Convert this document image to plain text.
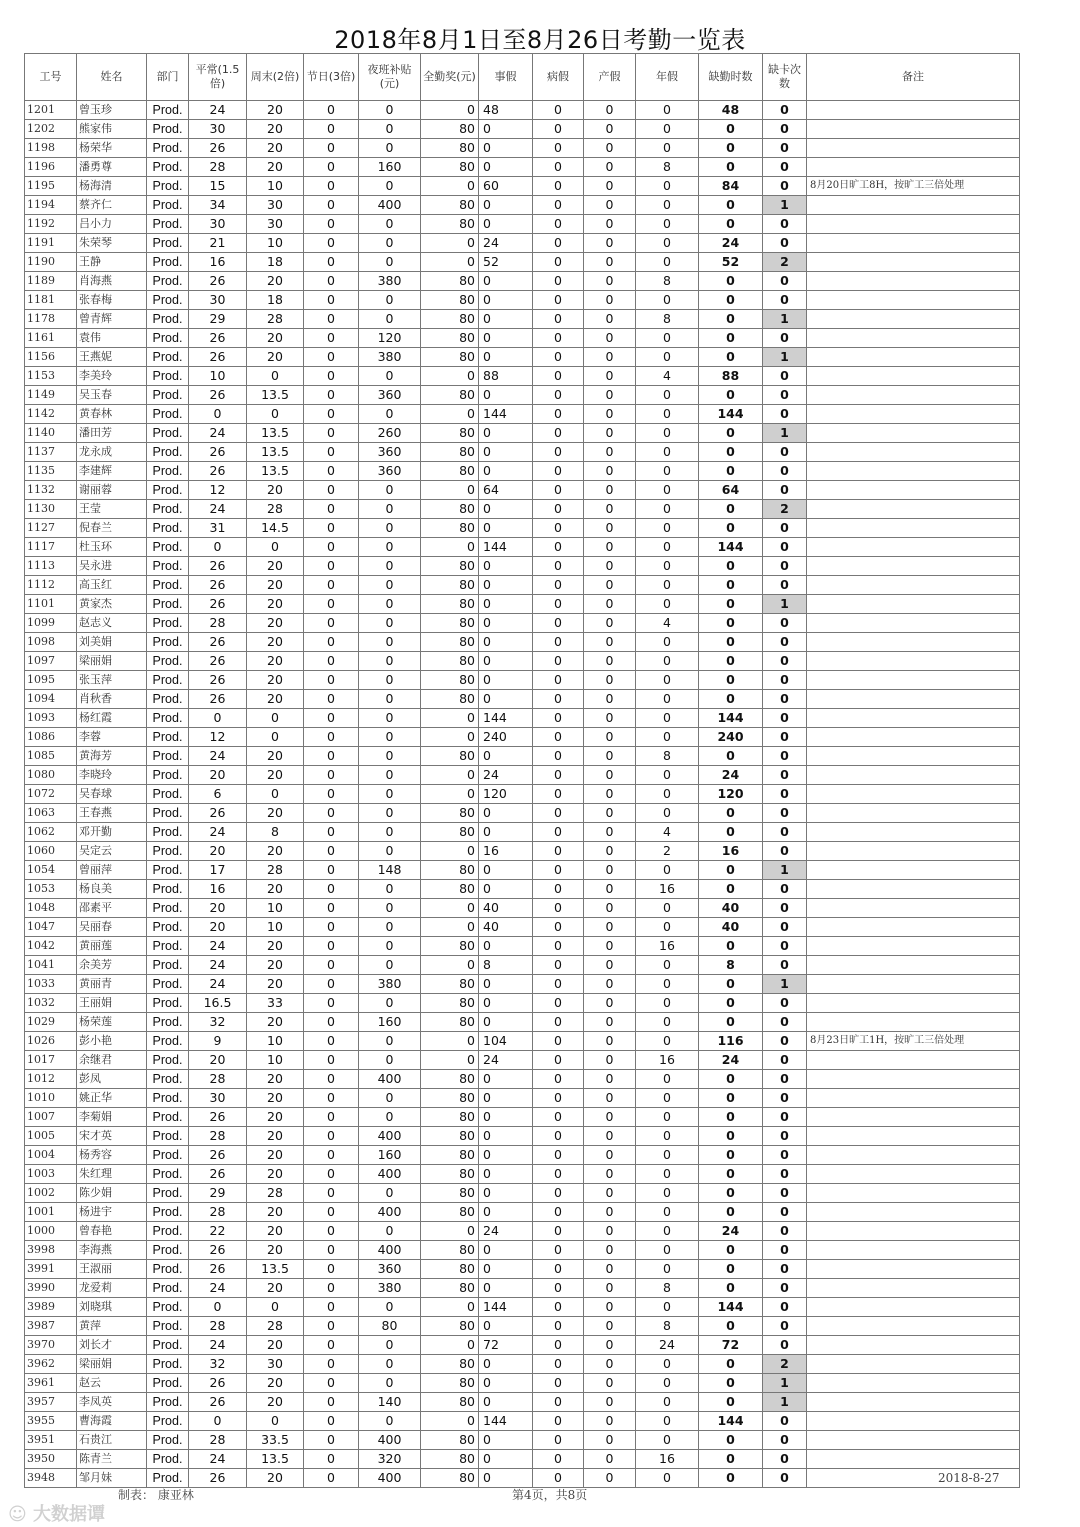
2018年8月1日至8月26日考勤一览表
工号	姓名	部门	平常(1.5倍)	周末(2倍)	节日(3倍)	夜班补贴(元)	全勤奖(元)	事假	病假	产假	年假	缺勤时数	缺卡次数	备注
1201	曾玉珍	Prod.	24	20	0	0	0	48	0	0	0	48	0	
1202	熊家伟	Prod.	30	20	0	0	80	0	0	0	0	0	0	
1198	杨荣华	Prod.	26	20	0	0	80	0	0	0	0	0	0	
1196	潘勇尊	Prod.	28	20	0	160	80	0	0	0	8	0	0	
1195	杨海清	Prod.	15	10	0	0	0	60	0	0	0	84	0	8月20日旷工8H，按旷工三倍处理
1194	蔡齐仁	Prod.	34	30	0	400	80	0	0	0	0	0	1	
1192	吕小力	Prod.	30	30	0	0	80	0	0	0	0	0	0	
1191	朱荣琴	Prod.	21	10	0	0	0	24	0	0	0	24	0	
1190	王静	Prod.	16	18	0	0	0	52	0	0	0	52	2	
1189	肖海燕	Prod.	26	20	0	380	80	0	0	0	8	0	0	
1181	张春梅	Prod.	30	18	0	0	80	0	0	0	0	0	0	
1178	曾青辉	Prod.	29	28	0	0	80	0	0	0	8	0	1	
1161	袁伟	Prod.	26	20	0	120	80	0	0	0	0	0	0	
1156	王燕妮	Prod.	26	20	0	380	80	0	0	0	0	0	1	
1153	李美玲	Prod.	10	0	0	0	0	88	0	0	4	88	0	
1149	吴玉春	Prod.	26	13.5	0	360	80	0	0	0	0	0	0	
1142	黄春林	Prod.	0	0	0	0	0	144	0	0	0	144	0	
1140	潘田芳	Prod.	24	13.5	0	260	80	0	0	0	0	0	1	
1137	龙永成	Prod.	26	13.5	0	360	80	0	0	0	0	0	0	
1135	李建辉	Prod.	26	13.5	0	360	80	0	0	0	0	0	0	
1132	谢丽蓉	Prod.	12	20	0	0	0	64	0	0	0	64	0	
1130	王莹	Prod.	24	28	0	0	80	0	0	0	0	0	2	
1127	倪春兰	Prod.	31	14.5	0	0	80	0	0	0	0	0	0	
1117	杜玉环	Prod.	0	0	0	0	0	144	0	0	0	144	0	
1113	吴永进	Prod.	26	20	0	0	80	0	0	0	0	0	0	
1112	高玉红	Prod.	26	20	0	0	80	0	0	0	0	0	0	
1101	黄家杰	Prod.	26	20	0	0	80	0	0	0	0	0	1	
1099	赵志义	Prod.	28	20	0	0	80	0	0	0	4	0	0	
1098	刘美娟	Prod.	26	20	0	0	80	0	0	0	0	0	0	
1097	梁丽娟	Prod.	26	20	0	0	80	0	0	0	0	0	0	
1095	张玉萍	Prod.	26	20	0	0	80	0	0	0	0	0	0	
1094	肖秋香	Prod.	26	20	0	0	80	0	0	0	0	0	0	
1093	杨红霞	Prod.	0	0	0	0	0	144	0	0	0	144	0	
1086	李蓉	Prod.	12	0	0	0	0	240	0	0	0	240	0	
1085	黄海芳	Prod.	24	20	0	0	80	0	0	0	8	0	0	
1080	李晓玲	Prod.	20	20	0	0	0	24	0	0	0	24	0	
1072	吴春球	Prod.	6	0	0	0	0	120	0	0	0	120	0	
1063	王春燕	Prod.	26	20	0	0	80	0	0	0	0	0	0	
1062	邓开勤	Prod.	24	8	0	0	80	0	0	0	4	0	0	
1060	吴定云	Prod.	20	20	0	0	0	16	0	0	2	16	0	
1054	曾丽萍	Prod.	17	28	0	148	80	0	0	0	0	0	1	
1053	杨良美	Prod.	16	20	0	0	80	0	0	0	16	0	0	
1048	邵素平	Prod.	20	10	0	0	0	40	0	0	0	40	0	
1047	吴丽春	Prod.	20	10	0	0	0	40	0	0	0	40	0	
1042	黄丽莲	Prod.	24	20	0	0	80	0	0	0	16	0	0	
1041	余美芳	Prod.	24	20	0	0	0	8	0	0	0	8	0	
1033	黄丽青	Prod.	24	20	0	380	80	0	0	0	0	0	1	
1032	王丽娟	Prod.	16.5	33	0	0	80	0	0	0	0	0	0	
1029	杨荣莲	Prod.	32	20	0	160	80	0	0	0	0	0	0	
1026	彭小艳	Prod.	9	10	0	0	0	104	0	0	0	116	0	8月23日旷工1H，按旷工三倍处理
1017	余继君	Prod.	20	10	0	0	0	24	0	0	16	24	0	
1012	彭凤	Prod.	28	20	0	400	80	0	0	0	0	0	0	
1010	姚正华	Prod.	30	20	0	0	80	0	0	0	0	0	0	
1007	李菊娟	Prod.	26	20	0	0	80	0	0	0	0	0	0	
1005	宋才英	Prod.	28	20	0	400	80	0	0	0	0	0	0	
1004	杨秀容	Prod.	26	20	0	160	80	0	0	0	0	0	0	
1003	朱红理	Prod.	26	20	0	400	80	0	0	0	0	0	0	
1002	陈少娟	Prod.	29	28	0	0	80	0	0	0	0	0	0	
1001	杨进宇	Prod.	28	20	0	400	80	0	0	0	0	0	0	
1000	曾春艳	Prod.	22	20	0	0	0	24	0	0	0	24	0	
3998	李海燕	Prod.	26	20	0	400	80	0	0	0	0	0	0	
3991	王淑丽	Prod.	26	13.5	0	360	80	0	0	0	0	0	0	
3990	龙爱莉	Prod.	24	20	0	380	80	0	0	0	8	0	0	
3989	刘晓琪	Prod.	0	0	0	0	0	144	0	0	0	144	0	
3987	黄萍	Prod.	28	28	0	80	80	0	0	0	8	0	0	
3970	刘长才	Prod.	24	20	0	0	0	72	0	0	24	72	0	
3962	梁丽娟	Prod.	32	30	0	0	80	0	0	0	0	0	2	
3961	赵云	Prod.	26	20	0	0	80	0	0	0	0	0	1	
3957	李凤英	Prod.	26	20	0	140	80	0	0	0	0	0	1	
3955	曹海霞	Prod.	0	0	0	0	0	144	0	0	0	144	0	
3951	石贵江	Prod.	28	33.5	0	400	80	0	0	0	0	0	0	
3950	陈青兰	Prod.	24	13.5	0	320	80	0	0	0	16	0	0	
3948	邹月妹	Prod.	26	20	0	400	80	0	0	0	0	0	0	
制表： 康亚林	第4页，共8页
2018-8-27
☺ 大数据谭
